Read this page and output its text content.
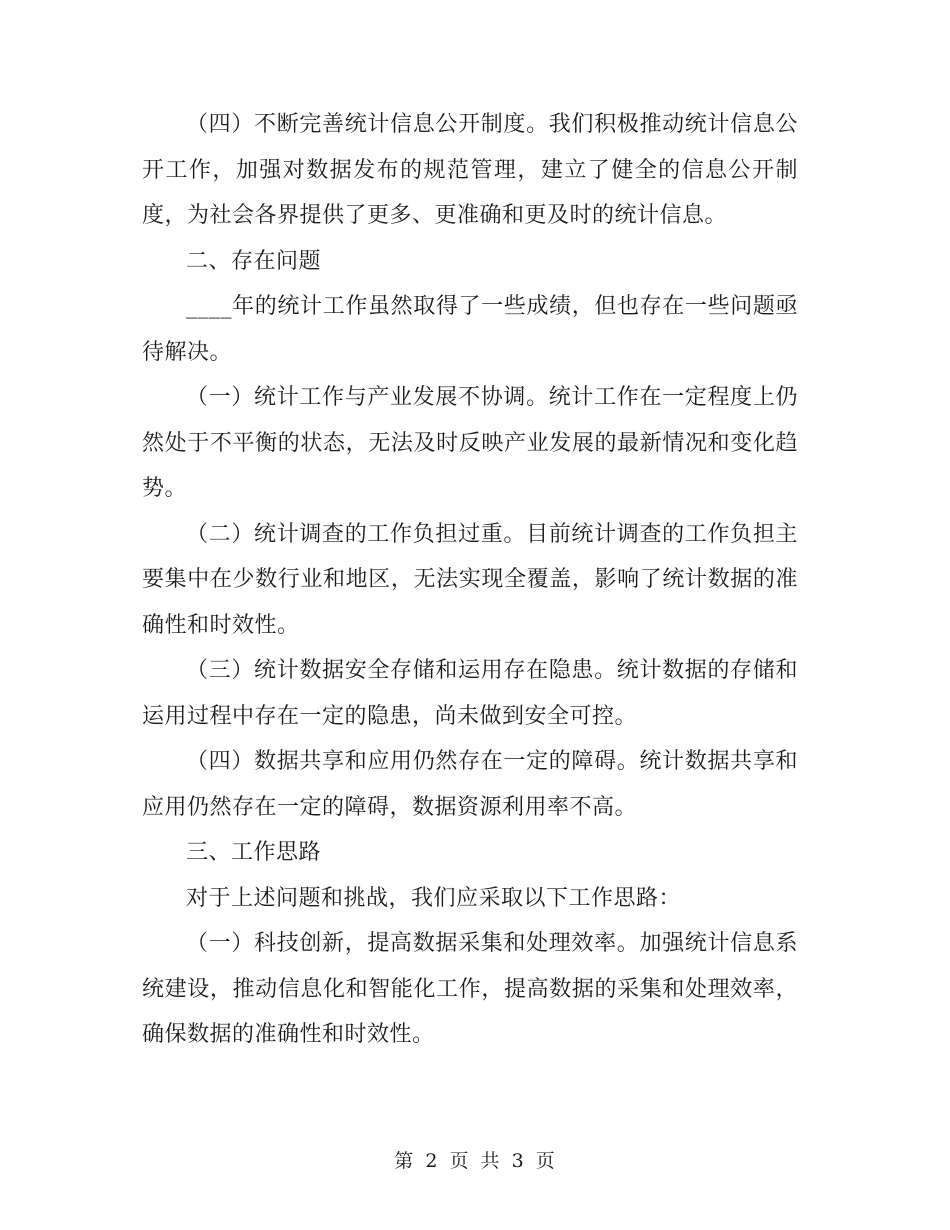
（四）不断完善统计信息公开制度。我们积极推动统计信息公开工作，加强对数据发布的规范管理，建立了健全的信息公开制度，为社会各界提供了更多、更准确和更及时的统计信息。

二、存在问题

____年的统计工作虽然取得了一些成绩，但也存在一些问题亟待解决。

（一）统计工作与产业发展不协调。统计工作在一定程度上仍然处于不平衡的状态，无法及时反映产业发展的最新情况和变化趋势。

（二）统计调查的工作负担过重。目前统计调查的工作负担主要集中在少数行业和地区，无法实现全覆盖，影响了统计数据的准确性和时效性。

（三）统计数据安全存储和运用存在隐患。统计数据的存储和运用过程中存在一定的隐患，尚未做到安全可控。

（四）数据共享和应用仍然存在一定的障碍。统计数据共享和应用仍然存在一定的障碍，数据资源利用率不高。

三、工作思路

对于上述问题和挑战，我们应采取以下工作思路：

（一）科技创新，提高数据采集和处理效率。加强统计信息系统建设，推动信息化和智能化工作，提高数据的采集和处理效率，确保数据的准确性和时效性。

第 2 页 共 3 页
